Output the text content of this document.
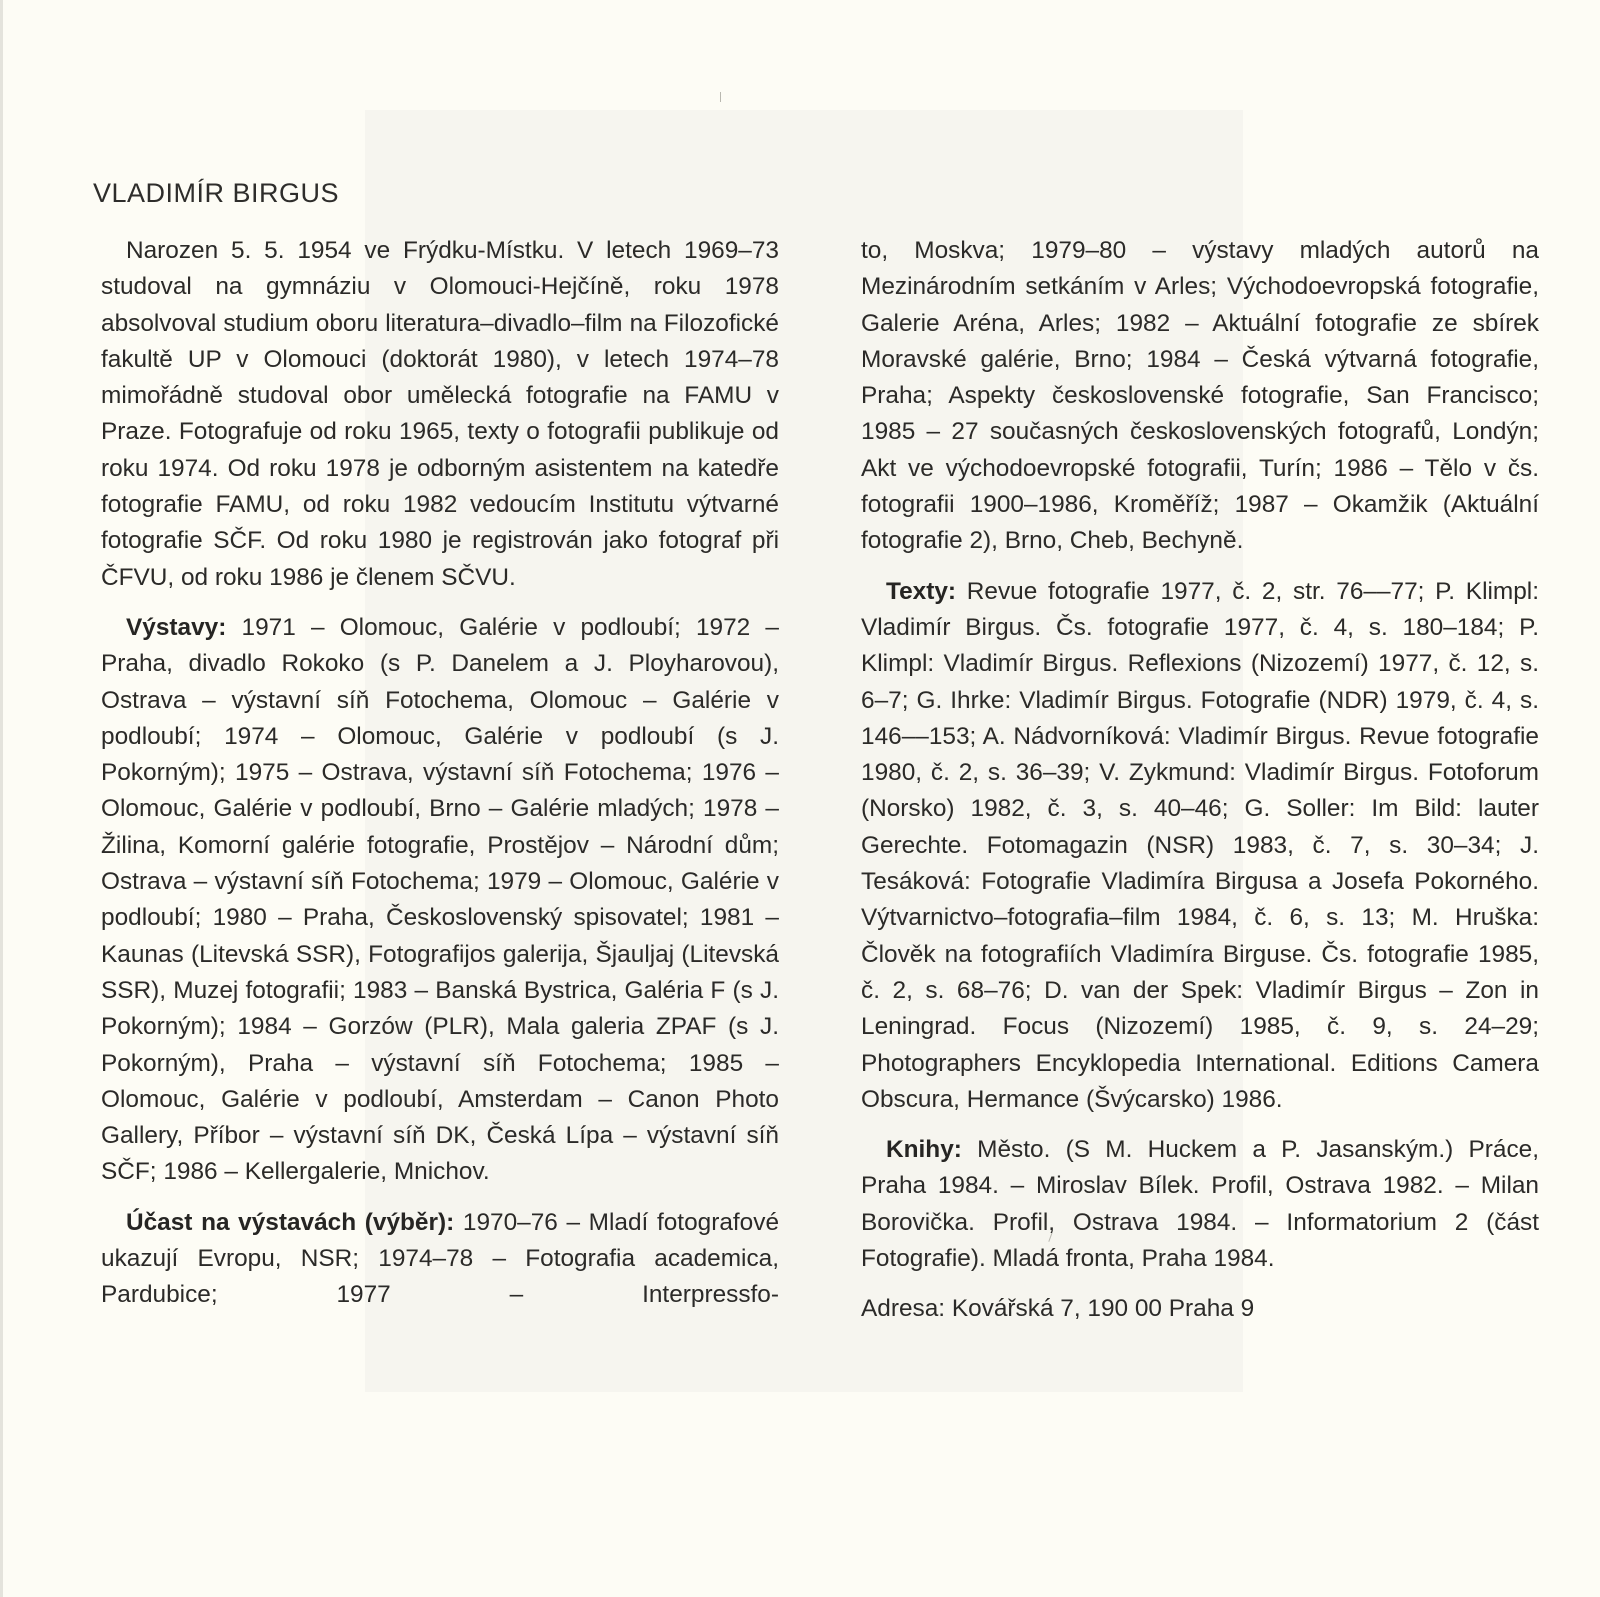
VLADIMÍR BIRGUS

Narozen 5. 5. 1954 ve Frýdku-Místku. V letech 1969–73 studoval na gymnáziu v Olomouci-Hejčíně, roku 1978 absolvoval studium oboru literatura–divadlo–film na Filozofické fakultě UP v Olomouci (doktorát 1980), v letech 1974–78 mimořádně studoval obor umělecká fotografie na FAMU v Praze. Fotografuje od roku 1965, texty o fotografii publikuje od roku 1974. Od roku 1978 je odborným asistentem na katedře fotografie FAMU, od roku 1982 vedoucím Institutu výtvarné fotografie SČF. Od roku 1980 je registrován jako fotograf při ČFVU, od roku 1986 je členem SČVU.

Výstavy: 1971 – Olomouc, Galérie v podloubí; 1972 – Praha, divadlo Rokoko (s P. Danelem a J. Ployharovou), Ostrava – výstavní síň Fotochema, Olomouc – Galérie v podloubí; 1974 – Olomouc, Galérie v podloubí (s J. Pokorným); 1975 – Ostrava, výstavní síň Fotochema; 1976 – Olomouc, Galérie v podloubí, Brno – Galérie mladých; 1978 – Žilina, Komorní galérie fotografie, Prostějov – Národní dům; Ostrava – výstavní síň Fotochema; 1979 – Olomouc, Galérie v podloubí; 1980 – Praha, Československý spisovatel; 1981 – Kaunas (Litevská SSR), Fotografijos galerija, Šjauljaj (Litevská SSR), Muzej fotografii; 1983 – Banská Bystrica, Galéria F (s J. Pokorným); 1984 – Gorzów (PLR), Mala galeria ZPAF (s J. Pokorným), Praha – výstavní síň Fotochema; 1985 – Olomouc, Galérie v podloubí, Amsterdam – Canon Photo Gallery, Příbor – výstavní síň DK, Česká Lípa – výstavní síň SČF; 1986 – Kellergalerie, Mnichov.

Účast na výstavách (výběr): 1970–76 – Mladí fotografové ukazují Evropu, NSR; 1974–78 – Fotografia academica, Pardubice; 1977 – Interpressfo-

to, Moskva; 1979–80 – výstavy mladých autorů na Mezinárodním setkáním v Arles; Východoevropská fotografie, Galerie Aréna, Arles; 1982 – Aktuální fotografie ze sbírek Moravské galérie, Brno; 1984 – Česká výtvarná fotografie, Praha; Aspekty československé fotografie, San Francisco; 1985 – 27 současných československých fotografů, Londýn; Akt ve východoevropské fotografii, Turín; 1986 – Tělo v čs. fotografii 1900–1986, Kroměříž; 1987 – Okamžik (Aktuální fotografie 2), Brno, Cheb, Bechyně.

Texty: Revue fotografie 1977, č. 2, str. 76––77; P. Klimpl: Vladimír Birgus. Čs. fotografie 1977, č. 4, s. 180–184; P. Klimpl: Vladimír Birgus. Reflexions (Nizozemí) 1977, č. 12, s. 6–7; G. Ihrke: Vladimír Birgus. Fotografie (NDR) 1979, č. 4, s. 146––153; A. Nádvorníková: Vladimír Birgus. Revue fotografie 1980, č. 2, s. 36–39; V. Zykmund: Vladimír Birgus. Fotoforum (Norsko) 1982, č. 3, s. 40–46; G. Soller: Im Bild: lauter Gerechte. Fotomagazin (NSR) 1983, č. 7, s. 30–34; J. Tesáková: Fotografie Vladimíra Birgusa a Josefa Pokorného. Výtvarnictvo–fotografia–film 1984, č. 6, s. 13; M. Hruška: Člověk na fotografiích Vladimíra Birguse. Čs. fotografie 1985, č. 2, s. 68–76; D. van der Spek: Vladimír Birgus – Zon in Leningrad. Focus (Nizozemí) 1985, č. 9, s. 24–29; Photographers Encyklopedia International. Editions Camera Obscura, Hermance (Švýcarsko) 1986.

Knihy: Město. (S M. Huckem a P. Jasanským.) Práce, Praha 1984. – Miroslav Bílek. Profil, Ostrava 1982. – Milan Borovička. Profil, Ostrava 1984. – Informatorium 2 (část Fotografie). Mladá fronta, Praha 1984.

Adresa: Kovářská 7, 190 00 Praha 9
